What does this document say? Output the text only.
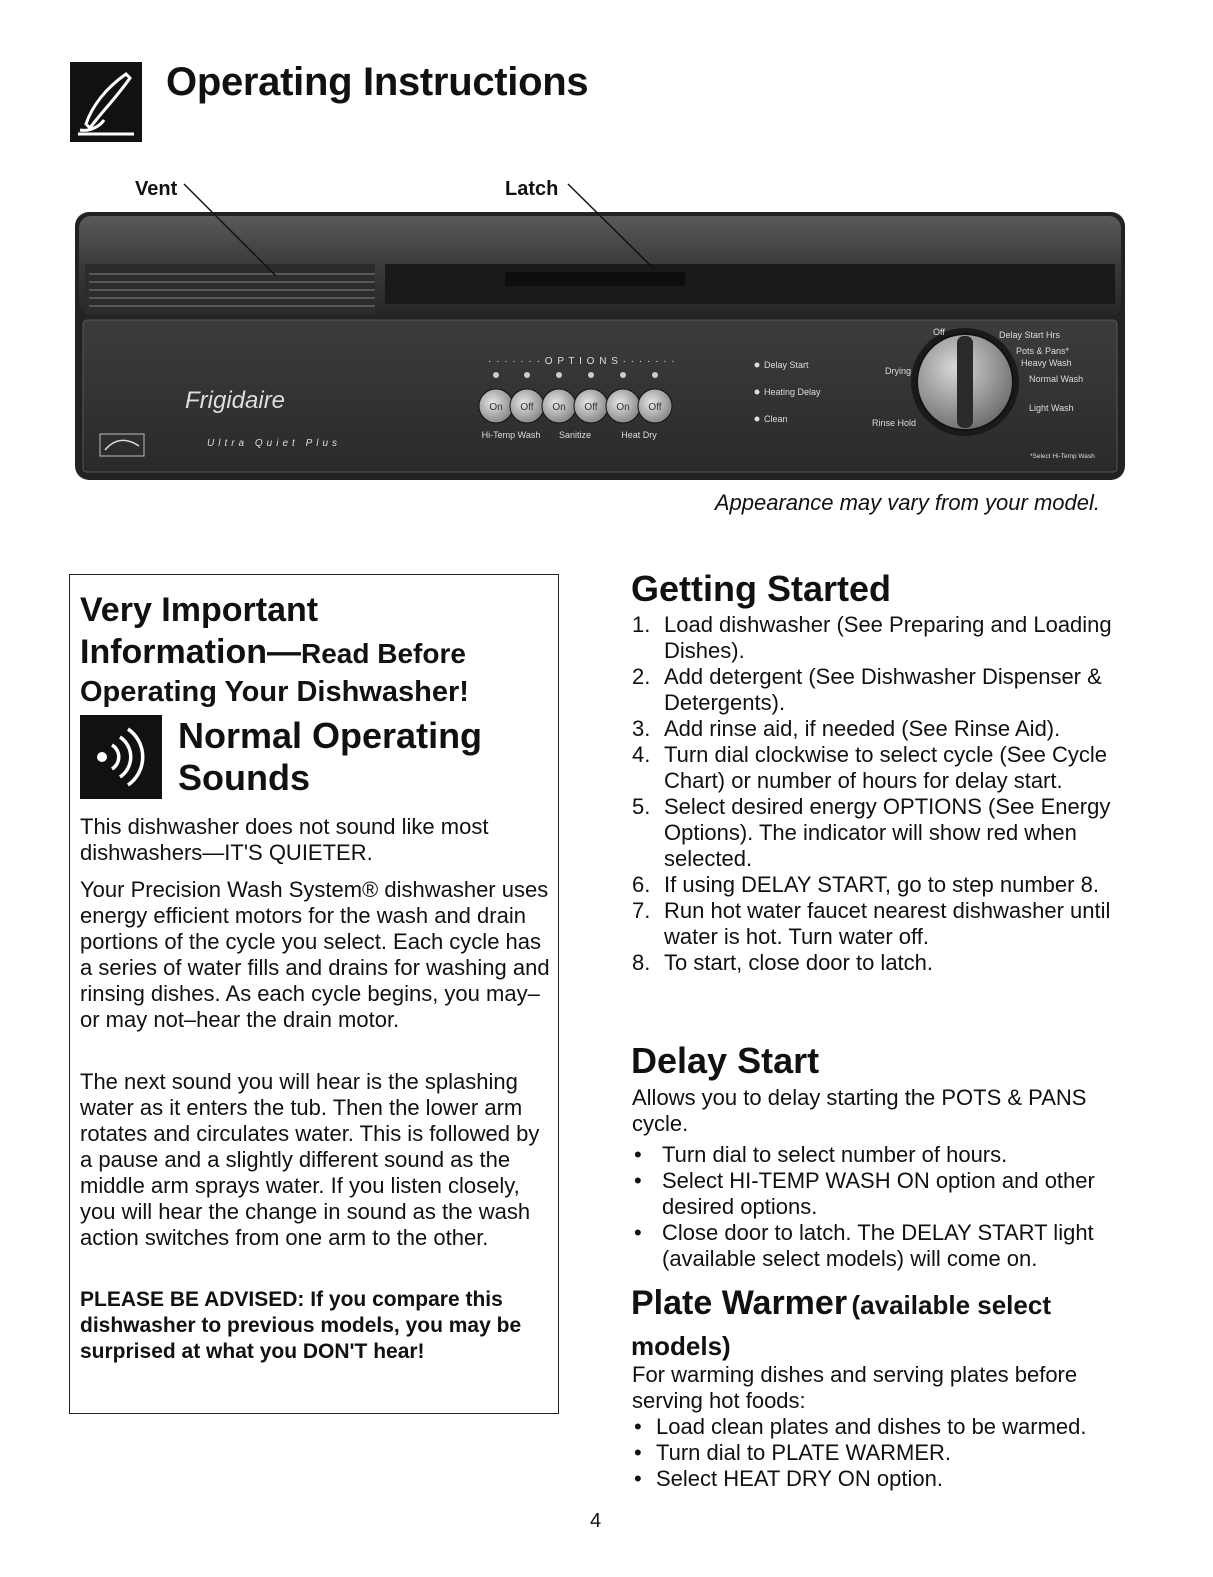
Operating Instructions
Vent	Latch
Frigidaire
Ultra Quiet Plus
· · · · · · · O P T I O N S · · · · · · ·
On Off On Off On Off
Hi-Temp Wash Sanitize	Heat Dry
Delay Start
Heating Delay
Clean
Off	Delay Start Hrs
Pots & Pans*
Heavy Wash
Normal Wash
Light Wash
Drying
Rinse Hold
*Select Hi-Temp Wash
Appearance may vary from your model.
Very Important
Information—Read Before
Operating Your Dishwasher!
Normal Operating
Sounds
This dishwasher does not sound like most dishwashers—IT'S QUIETER.
Your Precision Wash System® dishwasher uses energy efficient motors for the wash and drain portions of the cycle you select. Each cycle has a series of water fills and drains for washing and rinsing dishes. As each cycle begins, you may–or may not–hear the drain motor.
The next sound you will hear is the splashing water as it enters the tub. Then the lower arm rotates and circulates water. This is followed by a pause and a slightly different sound as the middle arm sprays water. If you listen closely, you will hear the change in sound as the wash action switches from one arm to the other.
PLEASE BE ADVISED: If you compare this dishwasher to previous models, you may be surprised at what you DON'T hear!
Getting Started
1. Load dishwasher (See Preparing and Loading Dishes).
2. Add detergent (See Dishwasher Dispenser & Detergents).
3. Add rinse aid, if needed (See Rinse Aid).
4. Turn dial clockwise to select cycle (See Cycle Chart) or number of hours for delay start.
5. Select desired energy OPTIONS (See Energy Options). The indicator will show red when selected.
6. If using DELAY START, go to step number 8.
7. Run hot water faucet nearest dishwasher until water is hot. Turn water off.
8. To start, close door to latch.
Delay Start
Allows you to delay starting the POTS & PANS cycle.
• Turn dial to select number of hours.
• Select HI-TEMP WASH ON option and other desired options.
• Close door to latch. The DELAY START light (available select models) will come on.
Plate Warmer (available select models)
For warming dishes and serving plates before serving hot foods:
• Load clean plates and dishes to be warmed.
• Turn dial to PLATE WARMER.
• Select HEAT DRY ON option.
4
